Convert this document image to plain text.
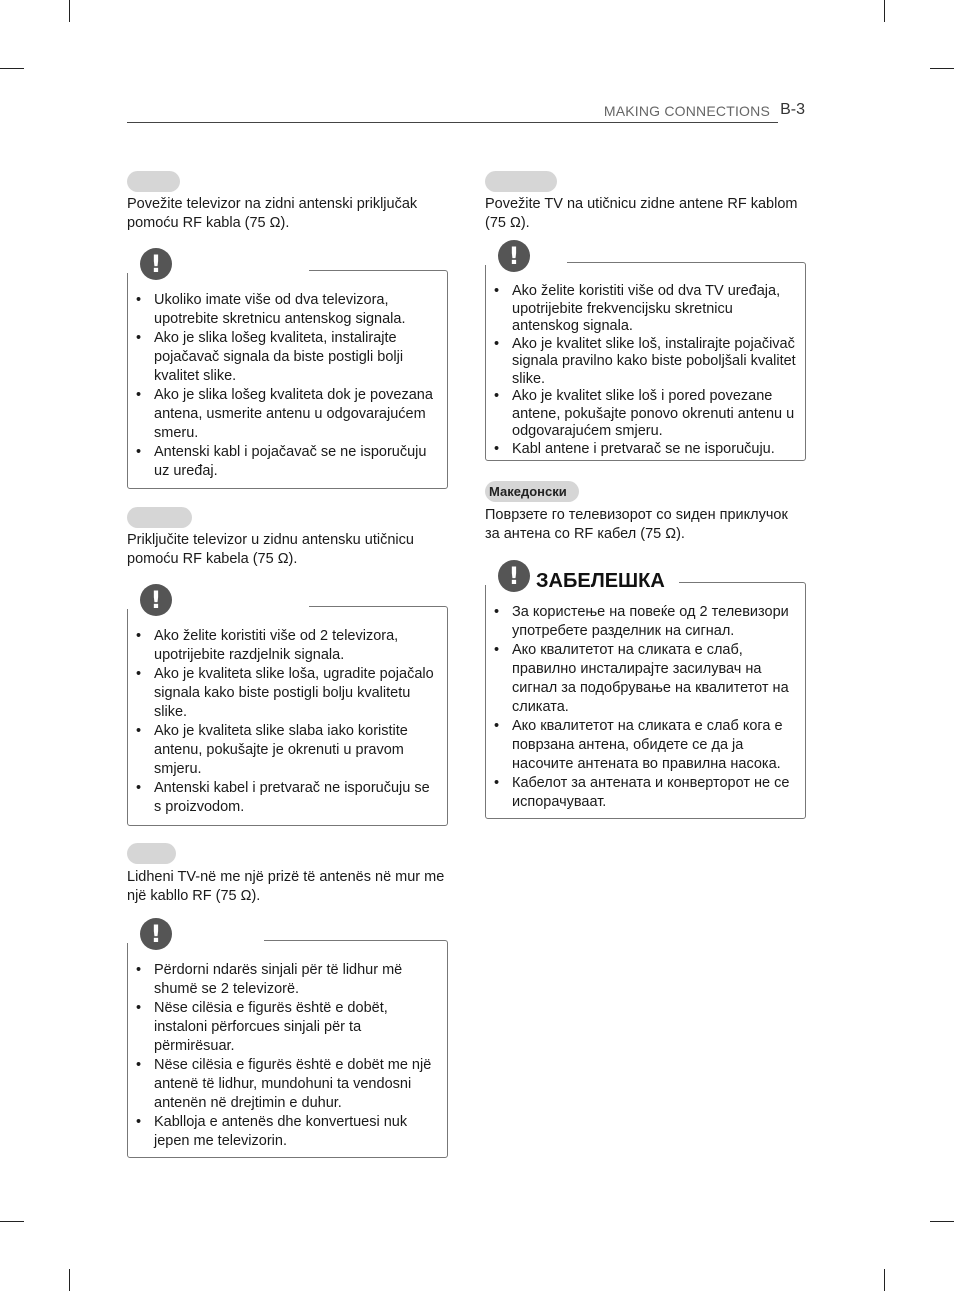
MAKING CONNECTIONS B-3
Povežite televizor na zidni antenski priključak pomoću RF kabla (75 Ω).
!
• Ukoliko imate više od dva televizora, upotrebite skretnicu antenskog signala.
• Ako je slika lošeg kvaliteta, instalirajte pojačavač signala da biste postigli bolji kvalitet slike.
• Ako je slika lošeg kvaliteta dok je povezana antena, usmerite antenu u odgovarajućem smeru.
• Antenski kabl i pojačavač se ne isporučuju uz uređaj.
Priključite televizor u zidnu antensku utičnicu pomoću RF kabela (75 Ω).
!
• Ako želite koristiti više od 2 televizora, upotrijebite razdjelnik signala.
• Ako je kvaliteta slike loša, ugradite pojačalo signala kako biste postigli bolju kvalitetu slike.
• Ako je kvaliteta slike slaba iako koristite antenu, pokušajte je okrenuti u pravom smjeru.
• Antenski kabel i pretvarač ne isporučuju se s proizvodom.
Lidheni TV-në me një prizë të antenës në mur me një kabllo RF (75 Ω).
!
• Përdorni ndarës sinjali për të lidhur më shumë se 2 televizorë.
• Nëse cilësia e figurës është e dobët, instaloni përforcues sinjali për ta përmirësuar.
• Nëse cilësia e figurës është e dobët me një antenë të lidhur, mundohuni ta vendosni antenën në drejtimin e duhur.
• Kablloja e antenës dhe konvertuesi nuk jepen me televizorin.
Povežite TV na utičnicu zidne antene RF kablom (75 Ω).
!
• Ako želite koristiti više od dva TV uređaja, upotrijebite frekvencijsku skretnicu antenskog signala.
• Ako je kvalitet slike loš, instalirajte pojačivač signala pravilno kako biste poboljšali kvalitet slike.
• Ako je kvalitet slike loš i pored povezane antene, pokušajte ponovo okrenuti antenu u odgovarajućem smjeru.
• Kabl antene i pretvarač se ne isporučuju.
Македонски
Поврзете го телевизорот со ѕиден приклучок за антена со RF кабел (75 Ω).
! ЗАБЕЛЕШКА
• За користење на повеќе од 2 телевизори употребете разделник на сигнал.
• Ако квалитетот на сликата е слаб, правилно инсталирајте засилувач на сигнал за подобрување на квалитетот на сликата.
• Ако квалитетот на сликата е слаб кога е поврзана антена, обидете се да ја насочите антената во правилна насока.
• Кабелот за антената и конверторот не се испорачуваат.
